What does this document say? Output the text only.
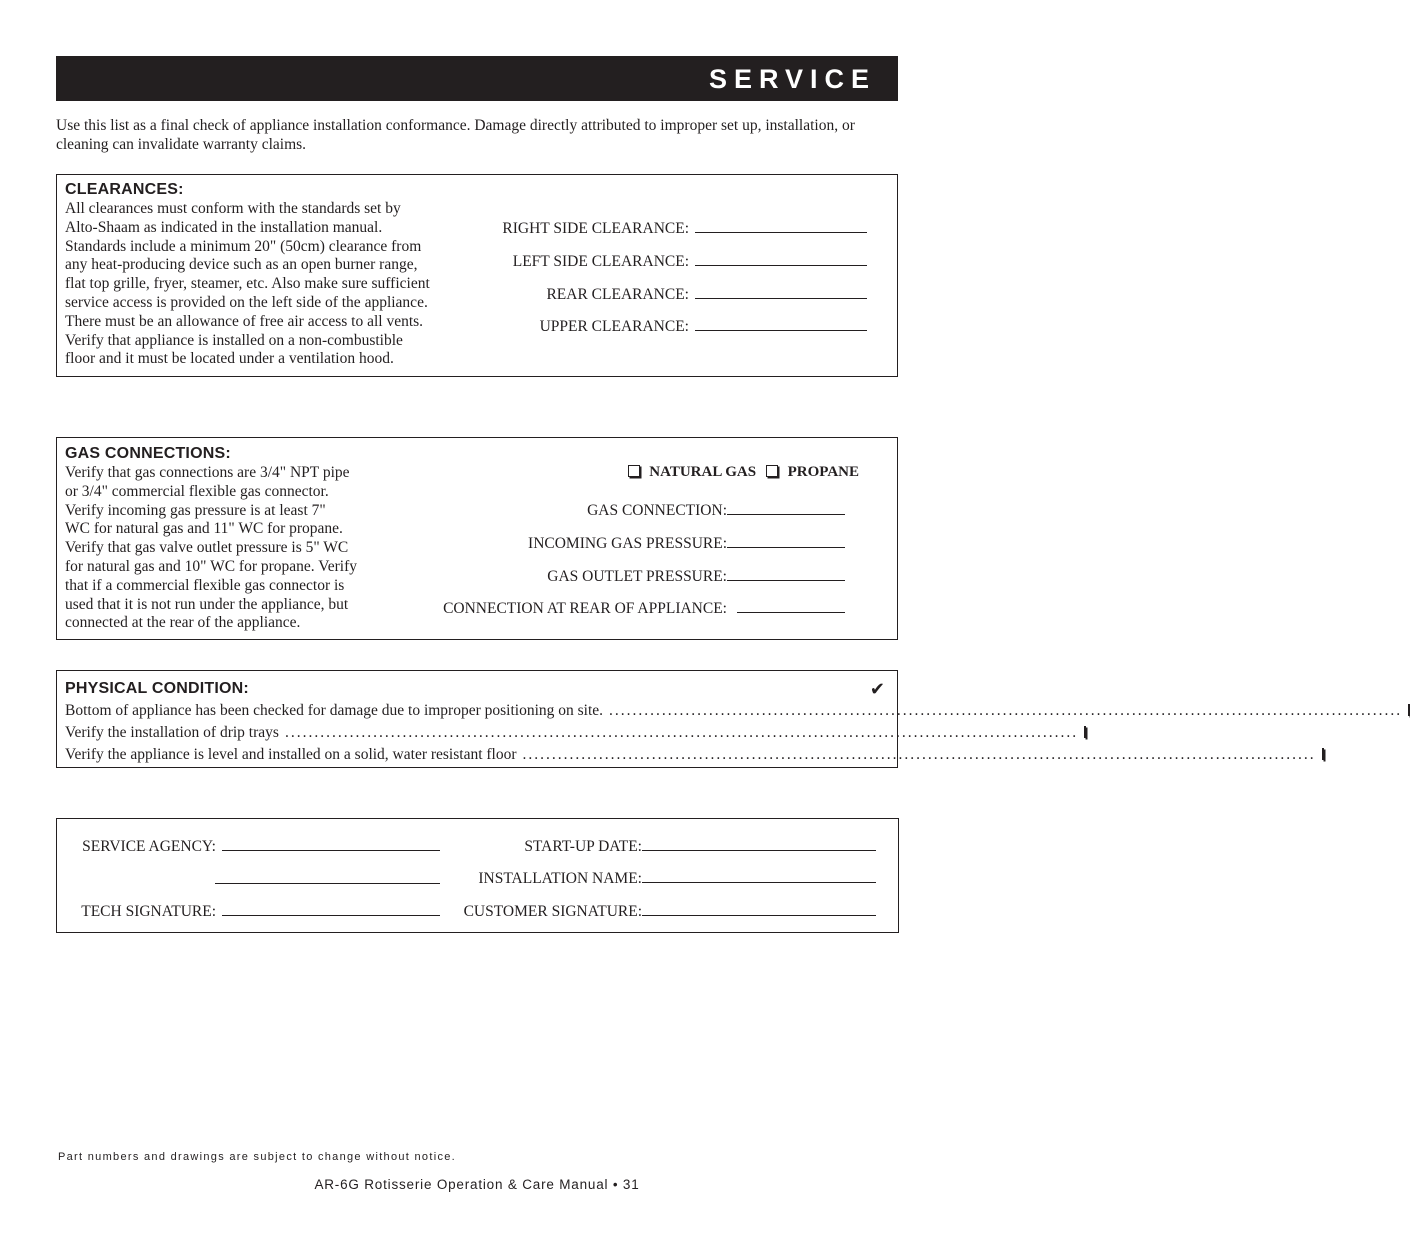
SERVICE
Use this list as a final check of appliance installation conformance. Damage directly attributed to improper set up, installation, or cleaning can invalidate warranty claims.
CLEARANCES:
All clearances must conform with the standards set by
Alto-Shaam as indicated in the installation manual.
Standards include a minimum 20" (50cm) clearance from
any heat-producing device such as an open burner range,
flat top grille, fryer, steamer, etc. Also make sure sufficient
service access is provided on the left side of the appliance.
There must be an allowance of free air access to all vents.
Verify that appliance is installed on a non-combustible
floor and it must be located under a ventilation hood.
RIGHT SIDE CLEARANCE:
LEFT SIDE CLEARANCE:
REAR CLEARANCE:
UPPER CLEARANCE:
GAS CONNECTIONS:
Verify that gas connections are 3/4" NPT pipe
or 3/4" commercial flexible gas connector.
Verify incoming gas pressure is at least 7"
WC for natural gas and 11" WC for propane.
Verify that gas valve outlet pressure is 5" WC
for natural gas and 10" WC for propane. Verify
that if a commercial flexible gas connector is
used that it is not run under the appliance, but
connected at the rear of the appliance.
NATURAL GAS PROPANE
GAS CONNECTION:
INCOMING GAS PRESSURE:
GAS OUTLET PRESSURE:
CONNECTION AT REAR OF APPLIANCE:
PHYSICAL CONDITION:	✔
Bottom of appliance has been checked for damage due to improper positioning on site. .......................................................................................................................................
Verify the installation of drip trays .......................................................................................................................................
Verify the appliance is level and installed on a solid, water resistant floor .......................................................................................................................................
SERVICE AGENCY:
TECH SIGNATURE:
START-UP DATE:
INSTALLATION NAME:
CUSTOMER SIGNATURE:
Part numbers and drawings are subject to change without notice.
AR-6G Rotisserie Operation & Care Manual • 31
